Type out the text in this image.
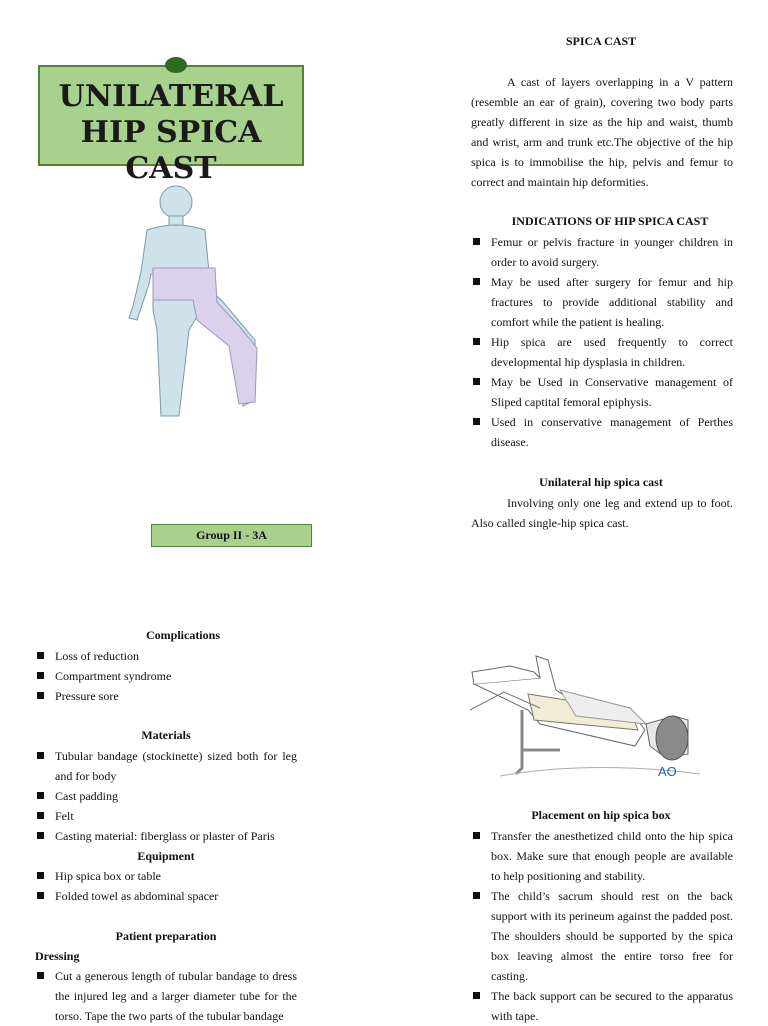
UNILATERAL
HIP SPICA CAST
Group II - 3A
SPICA CAST
A cast of layers overlapping in a V pattern (resemble an ear of grain), covering two body parts greatly different in size as the hip and waist, thumb and wrist, arm and trunk etc.The objective of the hip spica is to immobilise the hip, pelvis and femur to correct and maintain hip deformities.
INDICATIONS OF HIP SPICA CAST
Femur or pelvis fracture in younger children in order to avoid surgery.
May be used after surgery for femur and hip fractures to provide additional stability and comfort while the patient is healing.
Hip spica are used frequently to correct developmental hip dysplasia in children.
May be Used in Conservative management of Sliped captital femoral epiphysis.
Used in conservative management of Perthes disease.
Unilateral hip spica cast
Involving only one leg and extend up to foot. Also called single-hip spica cast.
AO
Placement on hip spica box
Transfer the anesthetized child onto the hip spica box. Make sure that enough people are available to help positioning and stability.
The child’s sacrum should rest on the back support with its perineum against the padded post. The shoulders should be supported by the spica box leaving almost the entire torso free for casting.
The back support can be secured to the apparatus with tape.
Complications
Loss of reduction
Compartment syndrome
Pressure sore
Materials
Tubular bandage (stockinette) sized both for leg and for body
Cast padding
Felt
Casting material: fiberglass or plaster of Paris
Equipment
Hip spica box or table
Folded towel as abdominal spacer
Patient preparation
Dressing
Cut a generous length of tubular bandage to dress the injured leg and a larger diameter tube for the torso. Tape the two parts of the tubular bandage
